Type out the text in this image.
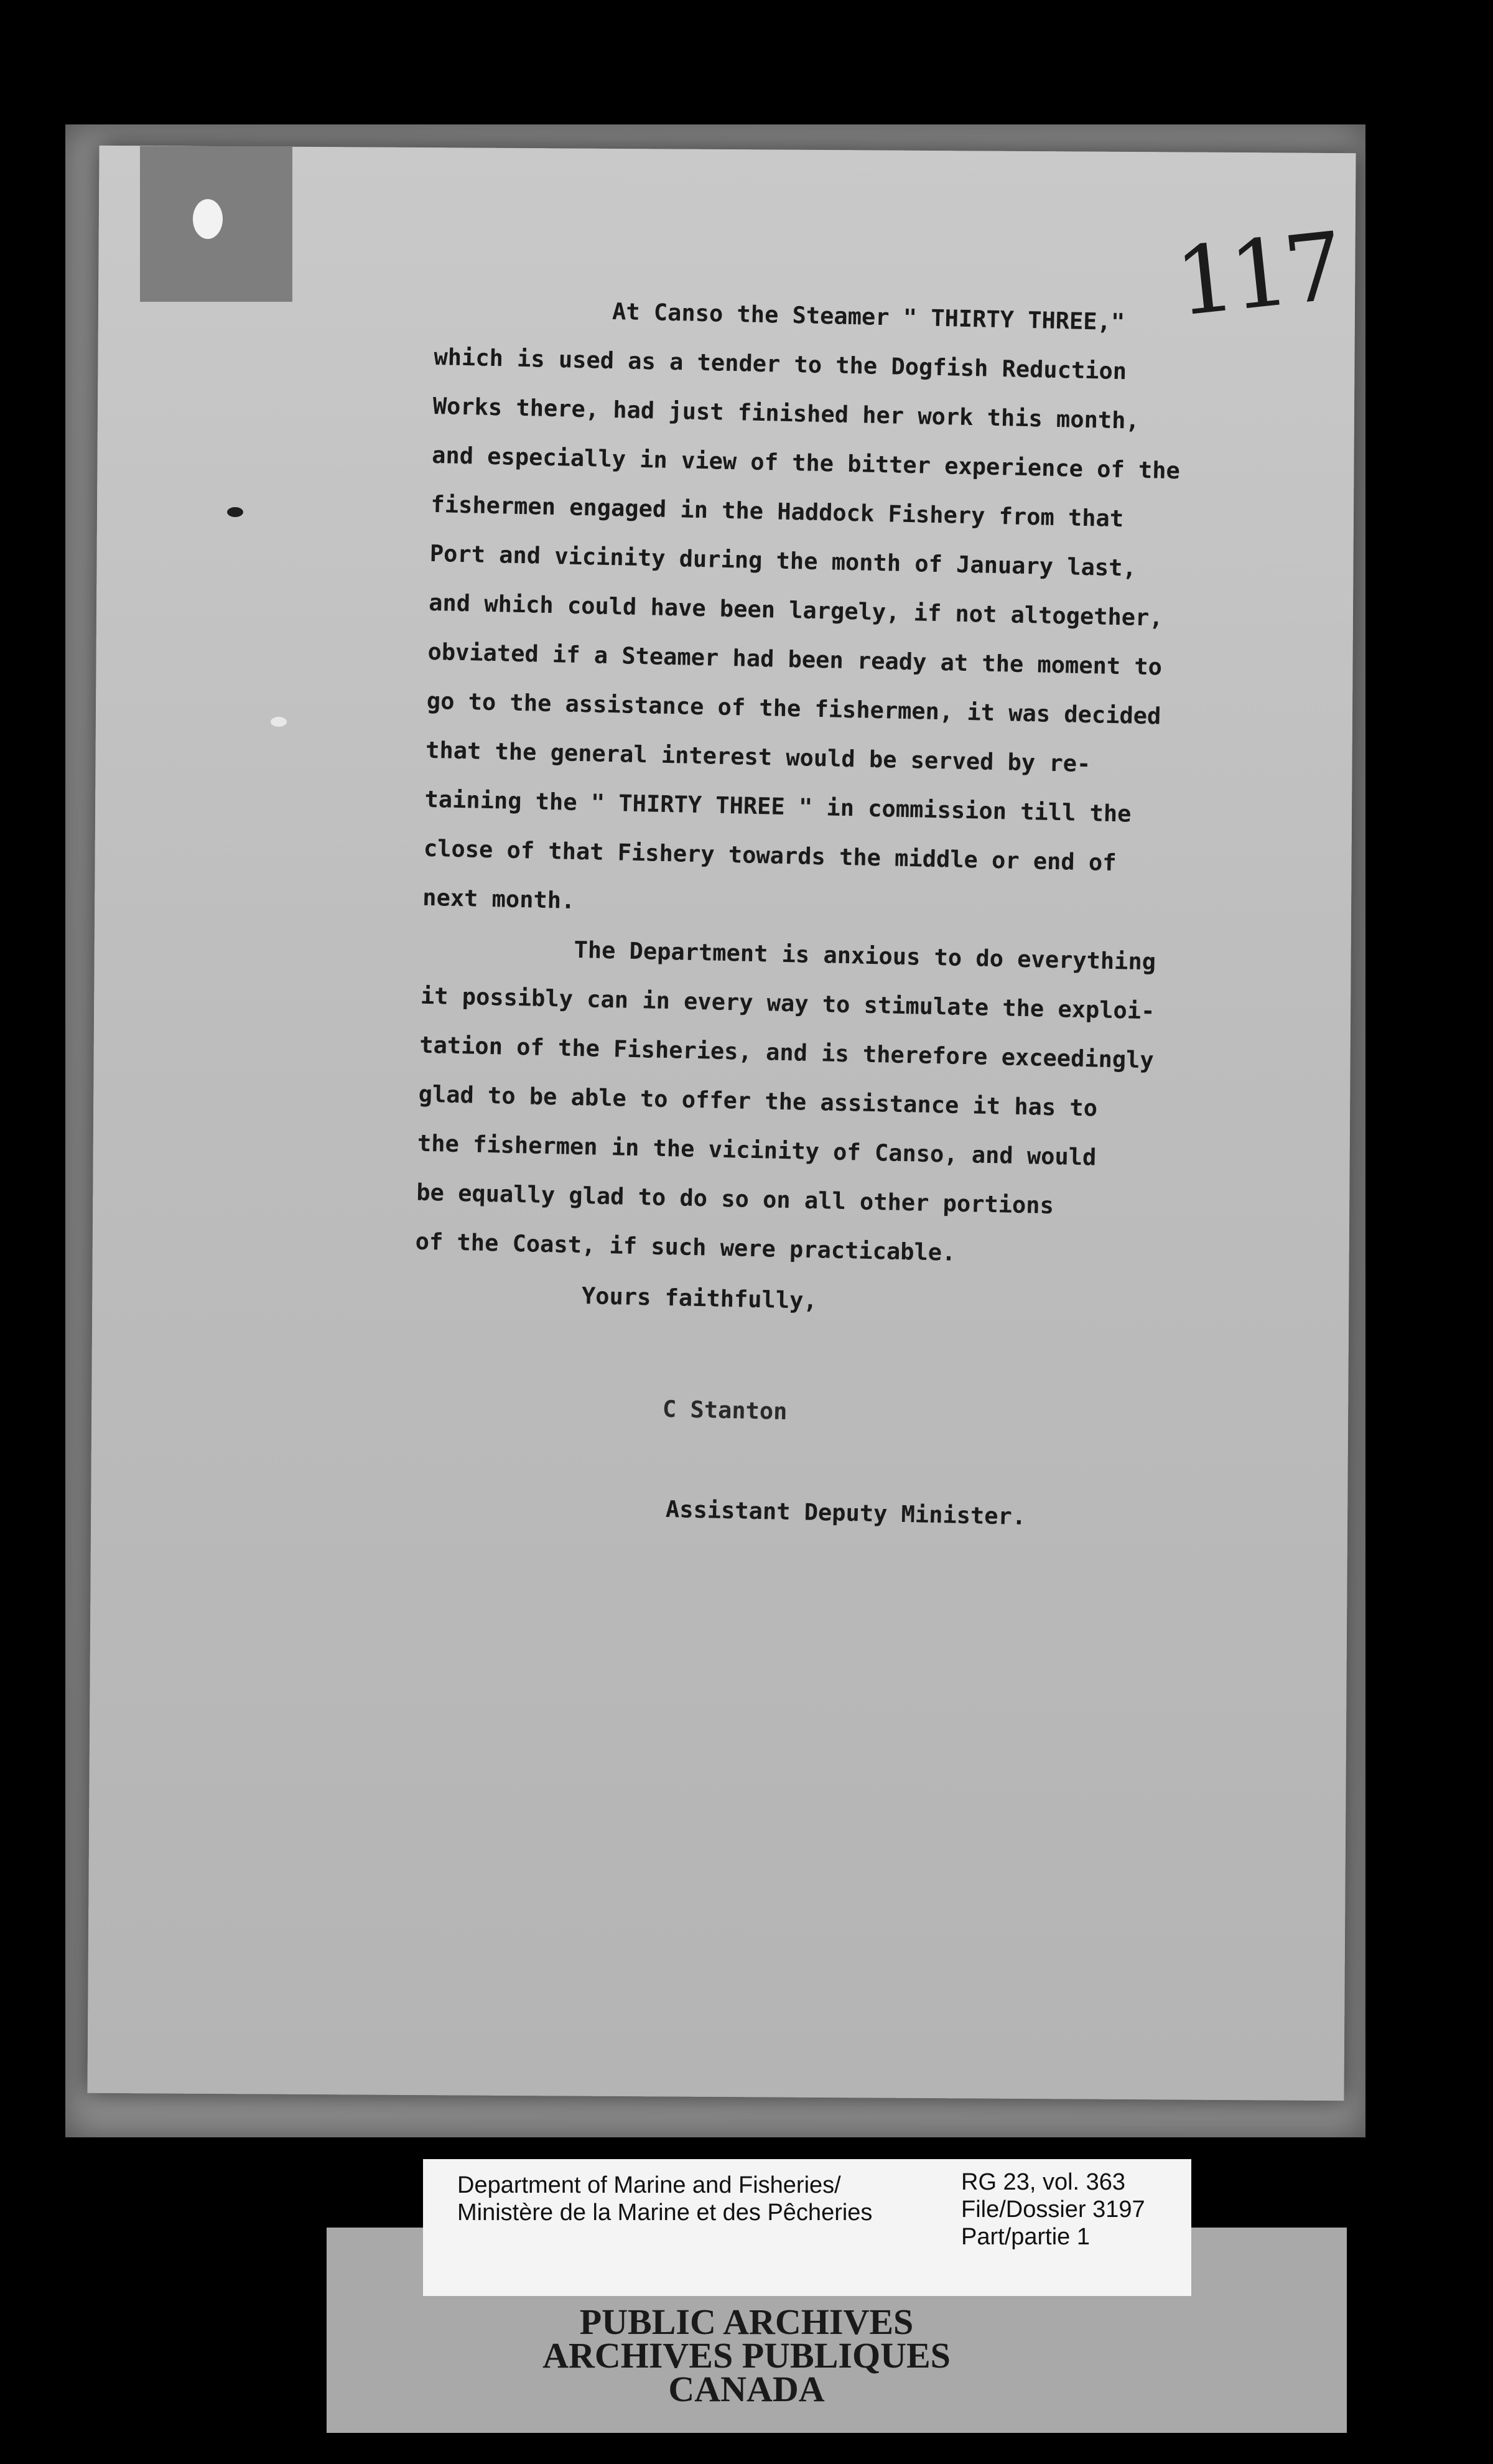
117

At Canso the Steamer " THIRTY THREE,"

which is used as a tender to the Dogfish Reduction

Works there, had just finished her work this month,

and especially in view of the bitter experience of the

fishermen engaged in the Haddock Fishery from that

Port and vicinity during the month of January last,

and which could have been largely, if not altogether,

obviated if a Steamer had been ready at the moment to

go to the assistance of the fishermen, it was decided

that the general interest would be served by re-

taining the " THIRTY THREE " in commission till the

close of that Fishery towards the middle or end of

next month.

The Department is anxious to do everything

it possibly can in every way to stimulate the exploi-

tation of the Fisheries, and is therefore exceedingly

glad to be able to offer the assistance it has to

the fishermen in the vicinity of Canso, and would

be equally glad to do so on all other portions

of the Coast, if such were practicable.

Yours faithfully,
C Stanton
Assistant Deputy Minister.
Department of Marine and Fisheries/
Ministère de la Marine et des Pêcheries
RG 23, vol. 363
File/Dossier 3197
Part/partie 1
PUBLIC ARCHIVES
ARCHIVES PUBLIQUES
CANADA
